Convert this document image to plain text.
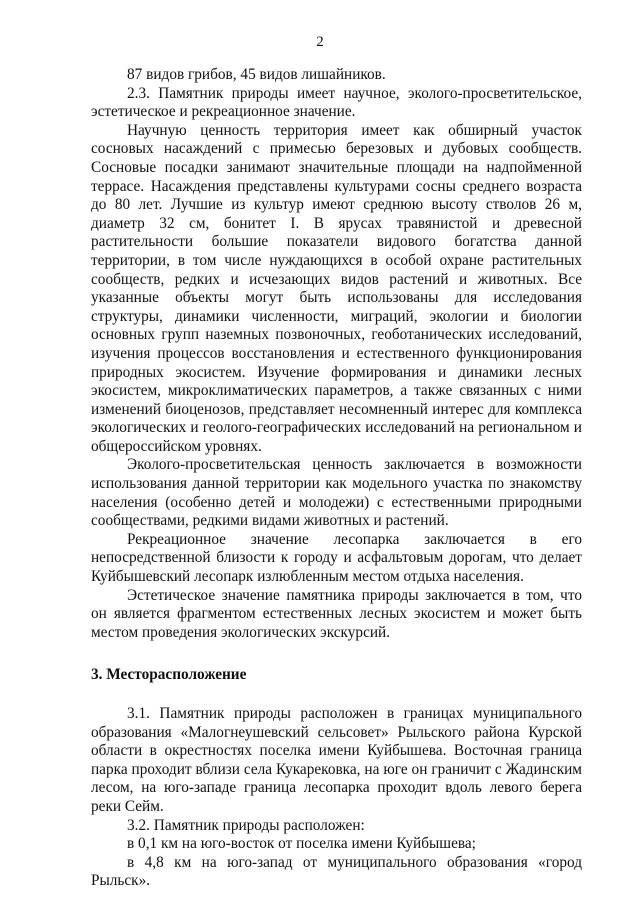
2

87 видов грибов, 45 видов лишайников.

2.3. Памятник природы имеет научное, эколого-просветительское, эстетическое и рекреационное значение.

Научную ценность территория имеет как обширный участок сосновых насаждений с примесью березовых и дубовых сообществ. Сосновые посадки занимают значительные площади на надпойменной террасе. Насаждения представлены культурами сосны среднего возраста до 80 лет. Лучшие из культур имеют среднюю высоту стволов 26 м, диаметр 32 см, бонитет I. В ярусах травянистой и древесной растительности большие показатели видового богатства данной территории, в том числе нуждающихся в особой охране растительных сообществ, редких и исчезающих видов растений и животных. Все указанные объекты могут быть использованы для исследования структуры, динамики численности, миграций, экологии и биологии основных групп наземных позвоночных, геоботанических исследований, изучения процессов восстановления и естественного функционирования природных экосистем. Изучение формирования и динамики лесных экосистем, микроклиматических параметров, а также связанных с ними изменений биоценозов, представляет несомненный интерес для комплекса экологических и геолого-географических исследований на региональном и общероссийском уровнях.

Эколого-просветительская ценность заключается в возможности использования данной территории как модельного участка по знакомству населения (особенно детей и молодежи) с естественными природными сообществами, редкими видами животных и растений.

Рекреационное значение лесопарка заключается в его непосредственной близости к городу и асфальтовым дорогам, что делает Куйбышевский лесопарк излюбленным местом отдыха населения.

Эстетическое значение памятника природы заключается в том, что он является фрагментом естественных лесных экосистем и может быть местом проведения экологических экскурсий.

3. Месторасположение

3.1. Памятник природы расположен в границах муниципального образования «Малогнеушевский сельсовет» Рыльского района Курской области в окрестностях поселка имени Куйбышева. Восточная граница парка проходит вблизи села Кукарековка, на юге он граничит с Жадинским лесом, на юго-западе граница лесопарка проходит вдоль левого берега реки Сейм.

3.2. Памятник природы расположен:

в 0,1 км на юго-восток от поселка имени Куйбышева;

в 4,8 км на юго-запад от муниципального образования «город Рыльск».
